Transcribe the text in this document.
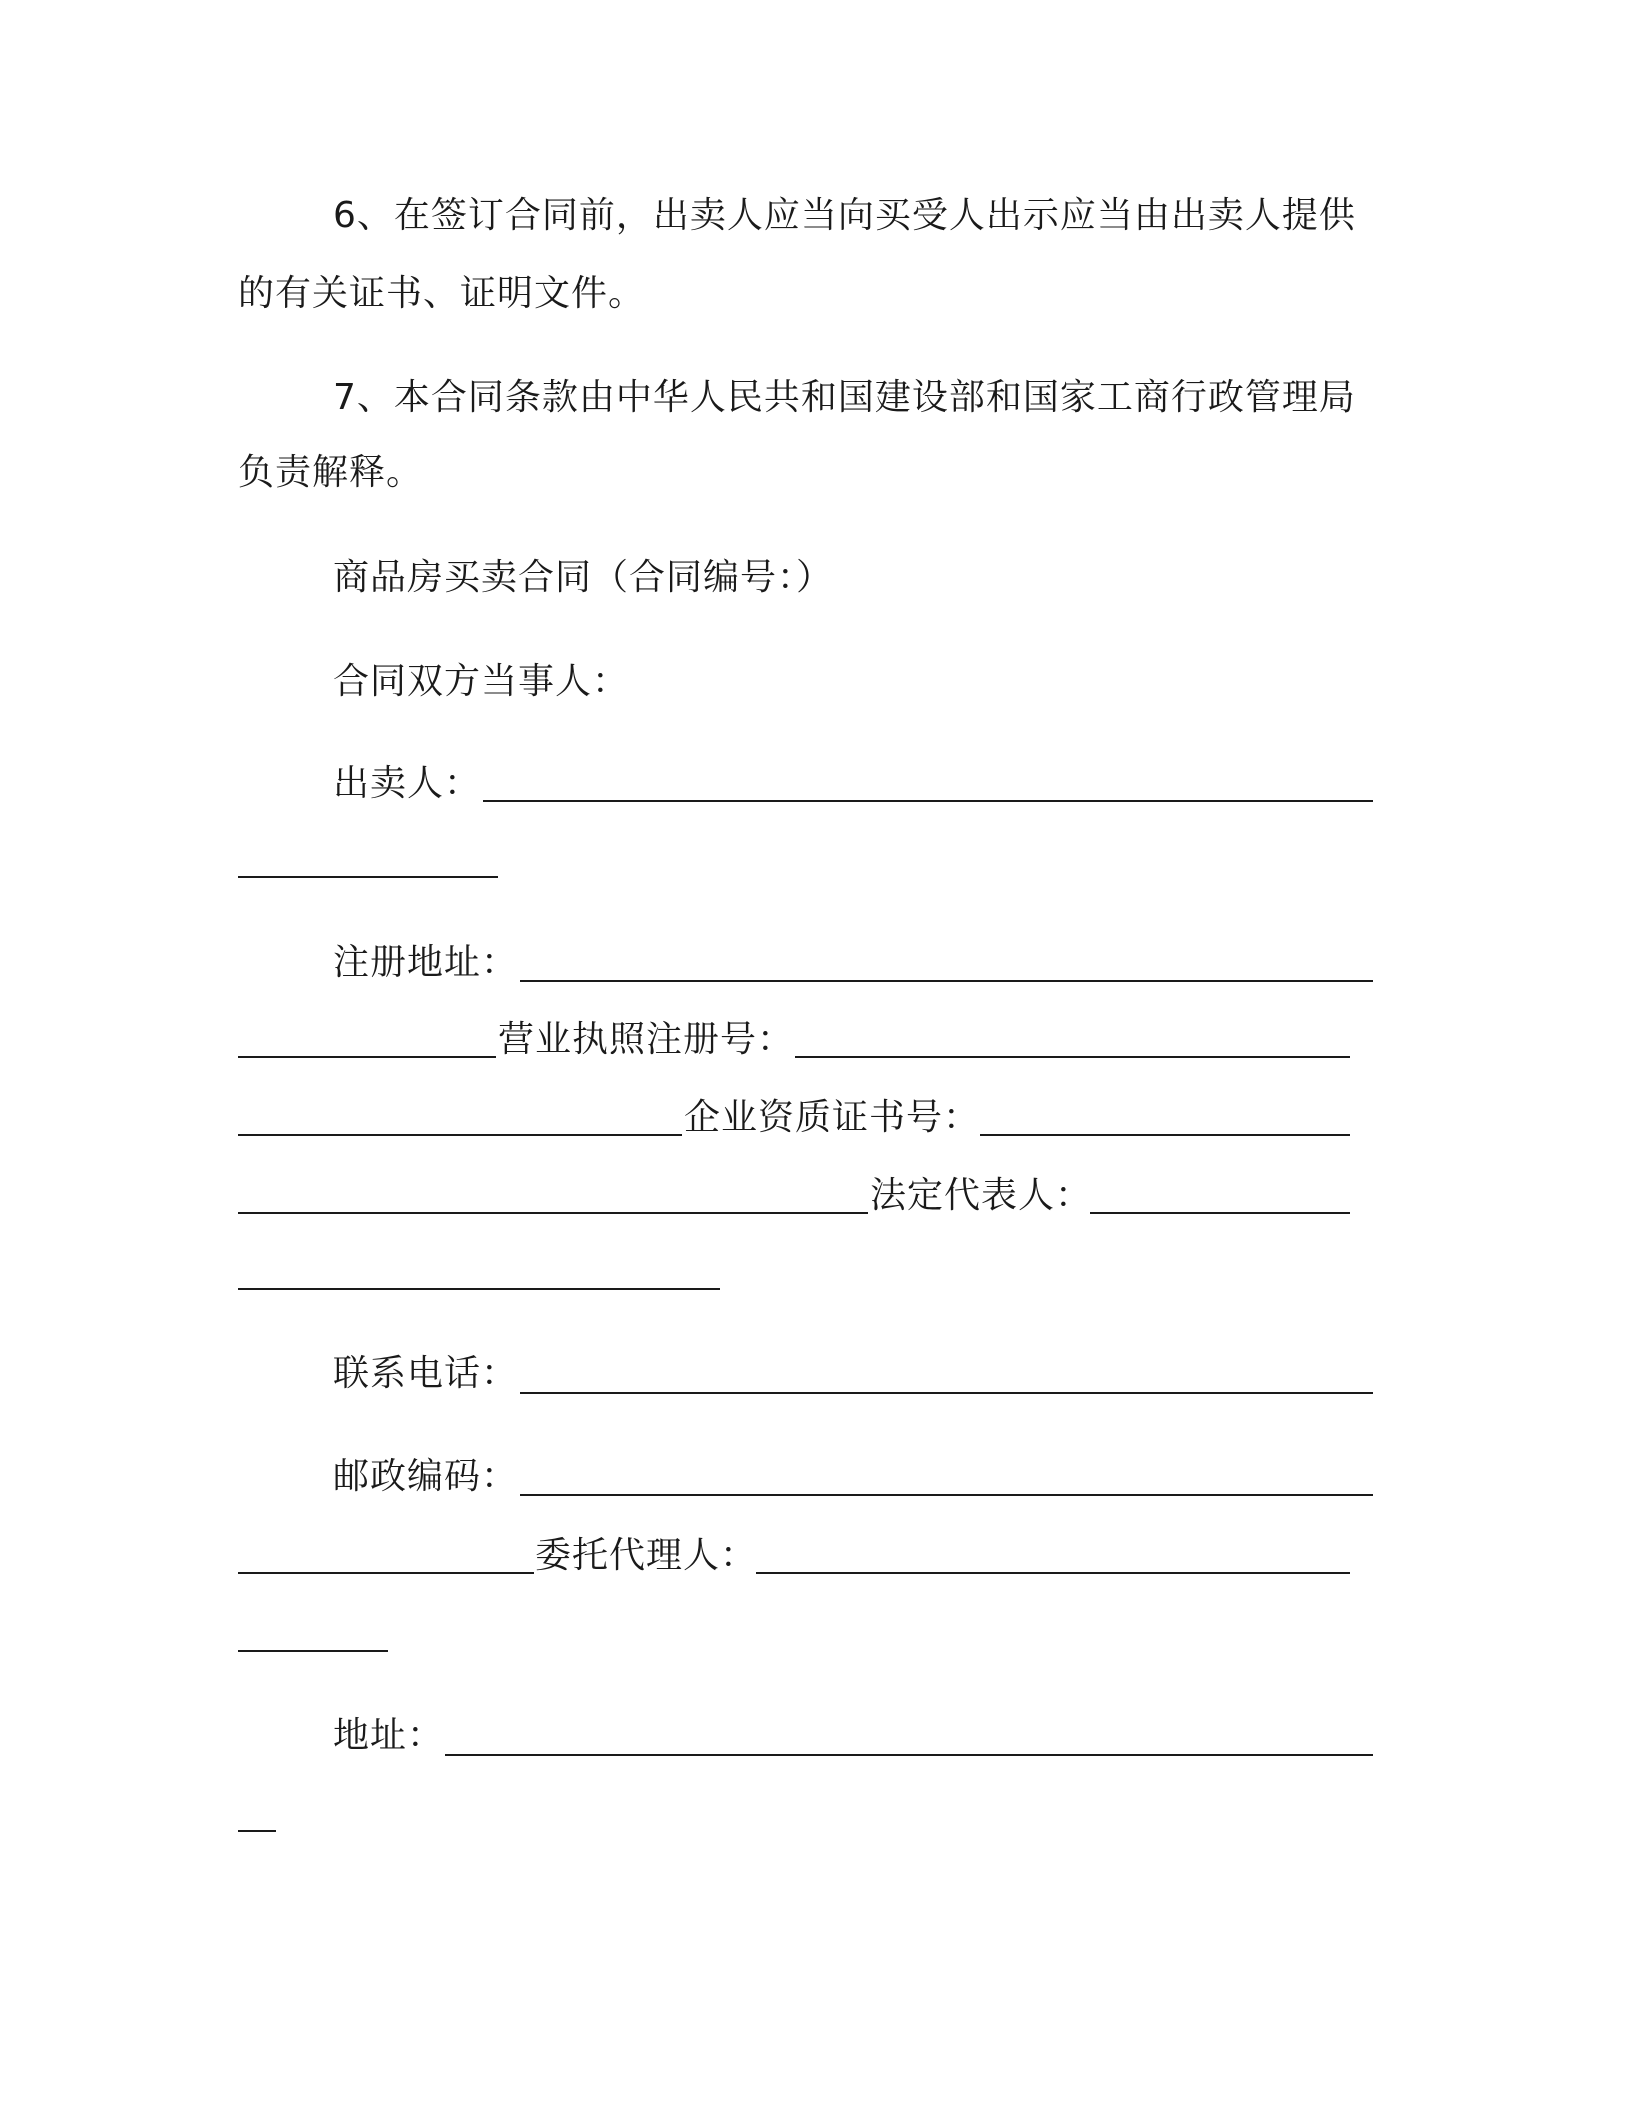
6、在签订合同前，出卖人应当向买受人出示应当由出卖人提供
的有关证书、证明文件。
7、本合同条款由中华人民共和国建设部和国家工商行政管理局
负责解释。
商品房买卖合同（合同编号：）
合同双方当事人：
出卖人：
注册地址：
营业执照注册号：
企业资质证书号：
法定代表人：
联系电话：
邮政编码：
委托代理人：
地址：
